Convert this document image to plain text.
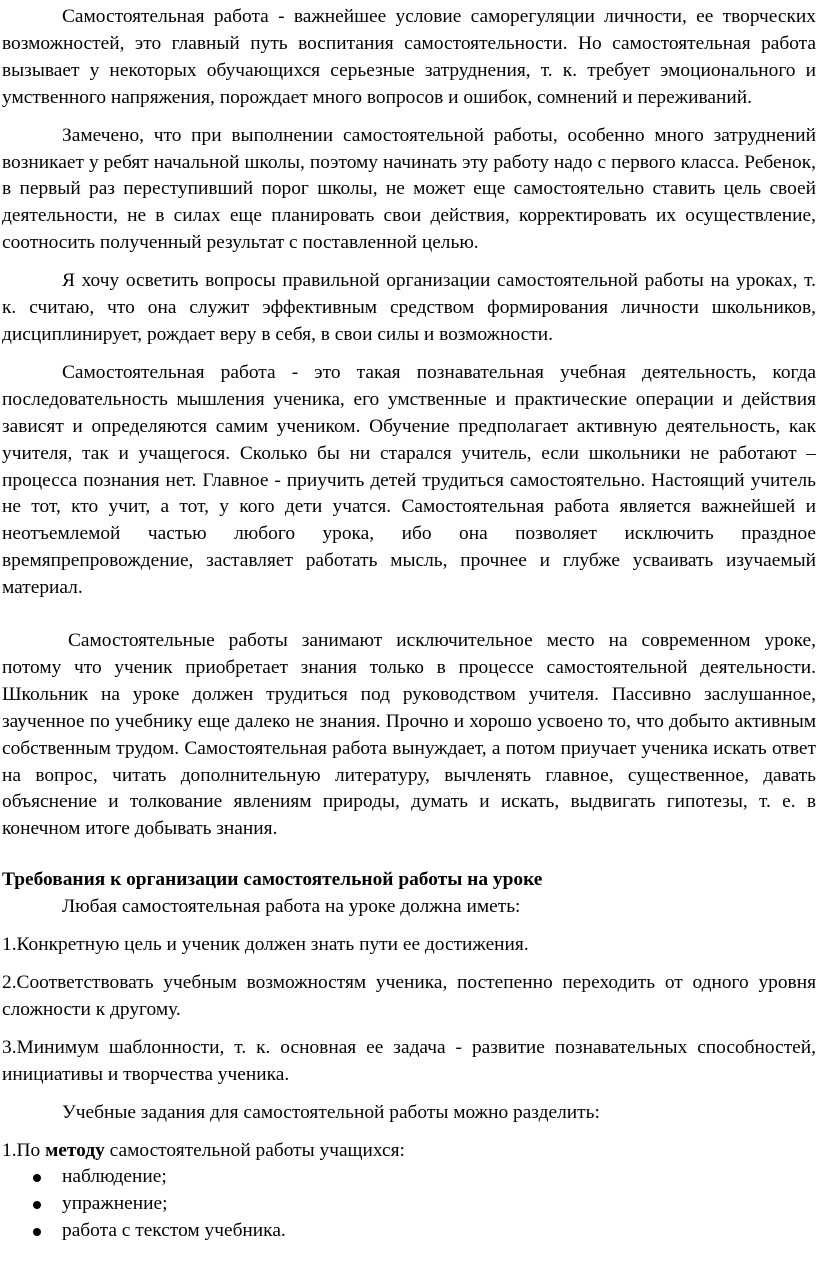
Самостоятельная работа - важнейшее условие саморегуляции личности, ее творческих возможностей, это главный путь воспитания самостоятельности. Но самостоятельная работа вызывает у некоторых обучающихся серьезные затруднения, т. к. требует эмоционального и умственного напряжения, порождает много вопросов и ошибок, сомнений и переживаний.

Замечено, что при выполнении самостоятельной работы, особенно много затруднений возникает у ребят начальной школы, поэтому начинать эту работу надо с первого класса. Ребенок, в первый раз переступивший порог школы, не может еще самостоятельно ставить цель своей деятельности, не в силах еще планировать свои действия, корректировать их осуществление, соотносить полученный результат с поставленной целью.

Я хочу осветить вопросы правильной организации самостоятельной работы на уроках, т. к. считаю, что она служит эффективным средством формирования личности школьников, дисциплинирует, рождает веру в себя, в свои силы и возможности.

Самостоятельная работа - это такая познавательная учебная деятельность, когда последовательность мышления ученика, его умственные и практические операции и действия зависят и определяются самим учеником. Обучение предполагает активную деятельность, как учителя, так и учащегося. Сколько бы ни старался учитель, если школьники не работают – процесса познания нет. Главное - приучить детей трудиться самостоятельно. Настоящий учитель не тот, кто учит, а тот, у кого дети учатся. Самостоятельная работа является важнейшей и неотъемлемой частью любого урока, ибо она позволяет исключить праздное времяпрепровождение, заставляет работать мысль, прочнее и глубже усваивать изучаемый материал.

Самостоятельные работы занимают исключительное место на современном уроке, потому что ученик приобретает знания только в процессе самостоятельной деятельности. Школьник на уроке должен трудиться под руководством учителя. Пассивно заслушанное, заученное по учебнику еще далеко не знания. Прочно и хорошо усвоено то, что добыто активным собственным трудом. Самостоятельная работа вынуждает, а потом приучает ученика искать ответ на вопрос, читать дополнительную литературу, вычленять главное, существенное, давать объяснение и толкование явлениям природы, думать и искать, выдвигать гипотезы, т. е. в конечном итоге добывать знания.

Требования к организации самостоятельной работы на уроке

Любая самостоятельная работа на уроке должна иметь:

1.Конкретную цель и ученик должен знать пути ее достижения.

2.Соответствовать учебным возможностям ученика, постепенно переходить от одного уровня сложности к другому.

3.Минимум шаблонности, т. к. основная ее задача - развитие познавательных способностей, инициативы и творчества ученика.

Учебные задания для самостоятельной работы можно разделить:

1.По методу самостоятельной работы учащихся:

наблюдение;
упражнение;
работа с текстом учебника.
